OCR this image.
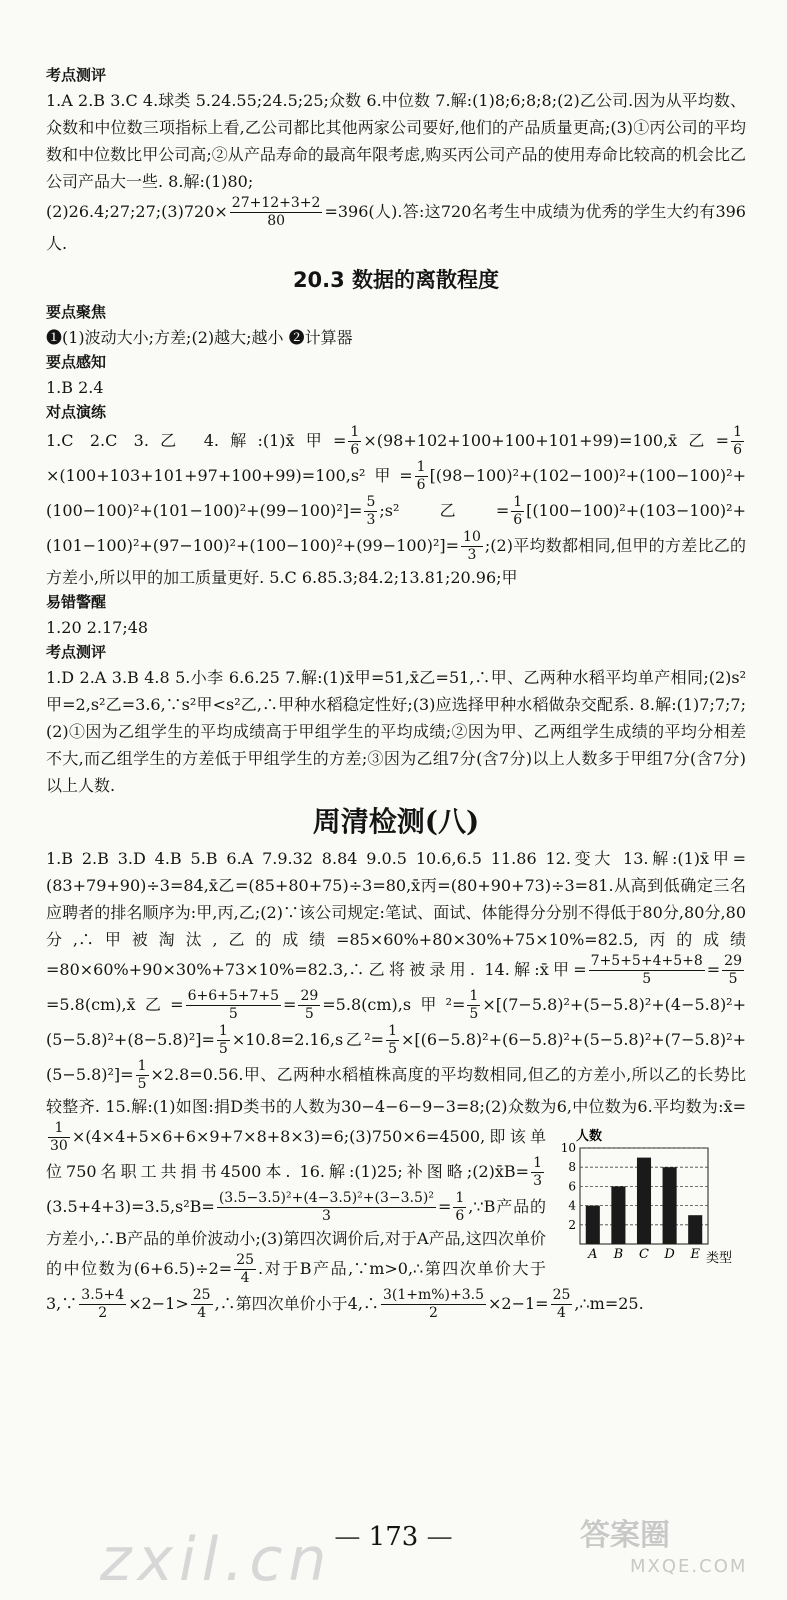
考点测评

1.A 2.B 3.C 4.球类 5.24.55;24.5;25;众数 6.中位数 7.解:(1)8;6;8;8;(2)乙公司.因为从平均数、众数和中位数三项指标上看,乙公司都比其他两家公司要好,他们的产品质量更高;(3)①丙公司的平均数和中位数比甲公司高;②从产品寿命的最高年限考虑,购买丙公司产品的使用寿命比较高的机会比乙公司产品大一些. 8.解:(1)80;

(2)26.4;27;27;(3)720× $\frac{27+12+3+2}{80} =396$(人).答:这720名考生中成绩为优秀的学生大约有396人.

20.3 数据的离散程度
要点聚焦

❶(1)波动大小;方差;(2)越大;越小 ❷计算器

要点感知

1.B 2.4

对点演练

1.C 2.C 3.乙 4.解:(1)x̄甲= $\frac{1}{6}$ ×(98+102+100+100+101+99)=100,x̄乙= $\frac{1}{6}$
×(100+103+101+97+100+99)=100,s²甲= $\frac{1}{6} [(98-100)^2+(102-100)^2+(100-100)^2+(100-100)^2+(101-100)^2+(99-100)^2]= \frac{5}{3}$ ;s²乙= $\frac{1}{6} [(100-100)^2+(103-100)^2+(101-100)^2+(97-100)^2+(100-100)^2+(99-100)^2]= \frac{10}{3}$ ;(2)平均数都相同,但甲的方差比乙的方差小,所以甲的加工质量更好. 5.C 6.85.3;84.2;13.81;20.96;甲

易错警醒

1.20 2.17;48

考点测评

1.D 2.A 3.B 4.8 5.小李 6.6.25 7.解:(1)x̄甲=51,x̄乙=51,∴甲、乙两种水稻平均单产相同;(2)s²甲=2,s²乙=3.6,∵s²甲<s²乙,∴甲种水稻稳定性好;(3)应选择甲种水稻做杂交配系. 8.解:(1)7;7;7;(2)①因为乙组学生的平均成绩高于甲组学生的平均成绩;②因为甲、乙两组学生成绩的平均分相差不大,而乙组学生的方差低于甲组学生的方差;③因为乙组7分(含7分)以上人数多于甲组7分(含7分)以上人数.

周清检测(八)

1.B 2.B 3.D 4.B 5.B 6.A 7.9.32 8.84 9.0.5 10.6,6.5 11.86 12.变大 13.解:(1)x̄甲=(83+79+90)÷3=84,x̄乙=(85+80+75)÷3=80,x̄丙=(80+90+73)÷3=81.从高到低确定三名应聘者的排名顺序为:甲,丙,乙;(2)∵该公司规定:笔试、面试、体能得分分别不得低于80分,80分,80分,∴甲被淘汰,乙的成绩=85×60%+80×30%+75×10%=82.5,丙的成绩=80×60%+90×30%+73×10%=82.3,∴乙将被录用. 14.解:x̄甲= $\frac{7+5+5+4+5+8}{5} = \frac{29}{5}$
=5.8(cm),x̄乙= $\frac{6+6+5+7+5}{5} = \frac{29}{5} =5.8(cm),s$甲$^2= \frac{1}{5} \times[(7-5.8)^2+(5-5.8)^2+(4-5.8)^2+(5-5.8)^2+(8-5.8)^2]= \frac{1}{5} \times 10.8=2.16,s$乙$^2= \frac{1}{5} \times[(6-5.8)^2+(6-5.8)^2+(5-5.8)^2+(7-5.8)^2+(5-5.8)^2]= \frac{1}{5} \times 2.8=0.56$.甲、乙两种水稻植株高度的平均数相同,但乙的方差小,所以乙的长势比较整齐. 15.解:(1)如图:捐D类书的人数为30−4−6−9−3=8;(2)众数为6,中位数为6.平均数为:x̄=
人数
2
4
6
8
10
A B C D E 类型
$\frac{1}{30}$ ×(4×4+5×6+6×9+7×8+8×3)=6;(3)750×6=4500,即该单位750名职工共捐书4500本. 16.解:(1)25;补图略;(2)x̄B= $\frac{1}{3}$
$(3.5+4+3)=3.5,s^2B= \frac{\text{(3.5−3.5)²+(4−3.5)²+(3−3.5)²}}{3} = \frac{1}{6}$ ,∵B产品的方差小,∴B产品的单价波动小;(3)第四次调价后,对于A产品,这四次单价的中位数为$(6+6.5)\div 2= \frac{25}{4}$ .对于B产品,∵m>0,∴第四次单价大于3,∵ $\frac{3.5+4}{2} \times 2-1> \frac{25}{4}$ ,∴第四次单价小于4,∴ $\frac{3(1+m\%)+3.5}{2} \times 2-1= \frac{25}{4}$ ,∴m=25.

— 173 —
zxil.cn	答案圈
MXQE.COM
